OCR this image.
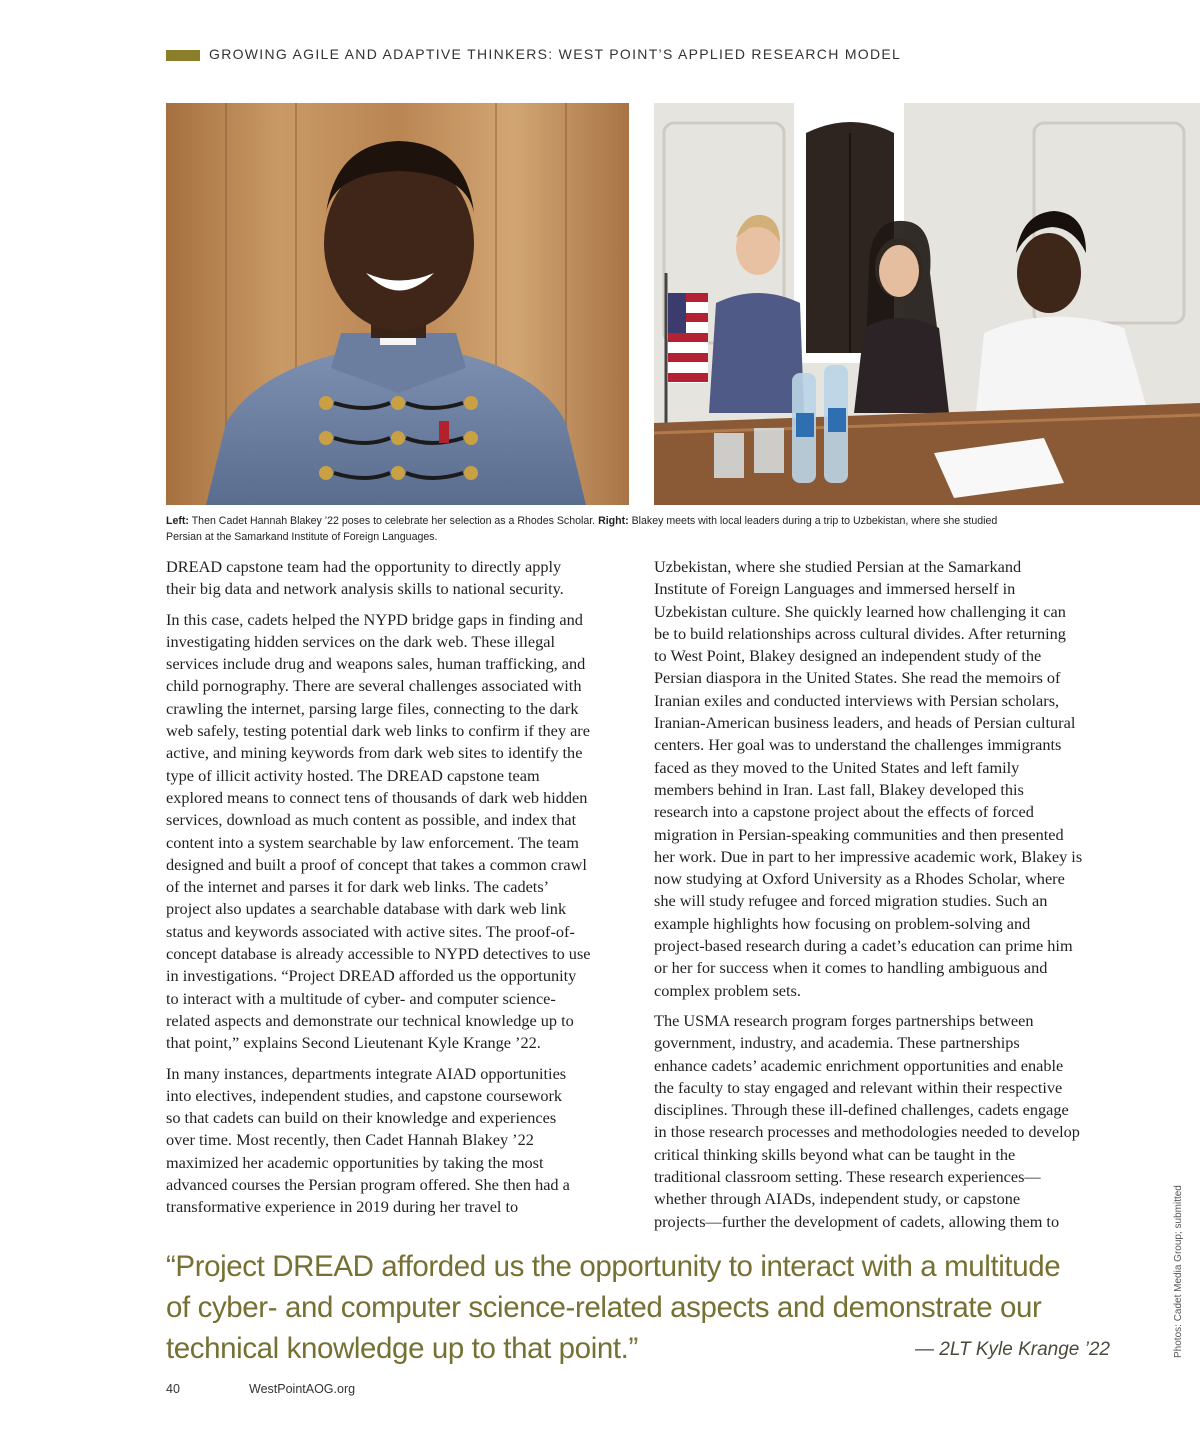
GROWING AGILE AND ADAPTIVE THINKERS: WEST POINT’S APPLIED RESEARCH MODEL
Left: Then Cadet Hannah Blakey ’22 poses to celebrate her selection as a Rhodes Scholar. Right: Blakey meets with local leaders during a trip to Uzbekistan, where she studied
Persian at the Samarkand Institute of Foreign Languages.

DREAD capstone team had the opportunity to directly apply
their big data and network analysis skills to national security.

In this case, cadets helped the NYPD bridge gaps in finding and
investigating hidden services on the dark web. These illegal
services include drug and weapons sales, human trafficking, and
child pornography. There are several challenges associated with
crawling the internet, parsing large files, connecting to the dark
web safely, testing potential dark web links to confirm if they are
active, and mining keywords from dark web sites to identify the
type of illicit activity hosted. The DREAD capstone team
explored means to connect tens of thousands of dark web hidden
services, download as much content as possible, and index that
content into a system searchable by law enforcement. The team
designed and built a proof of concept that takes a common crawl
of the internet and parses it for dark web links. The cadets’
project also updates a searchable database with dark web link
status and keywords associated with active sites. The proof-of-
concept database is already accessible to NYPD detectives to use
in investigations. “Project DREAD afforded us the opportunity
to interact with a multitude of cyber- and computer science-
related aspects and demonstrate our technical knowledge up to
that point,” explains Second Lieutenant Kyle Krange ’22.

In many instances, departments integrate AIAD opportunities
into electives, independent studies, and capstone coursework
so that cadets can build on their knowledge and experiences
over time. Most recently, then Cadet Hannah Blakey ’22
maximized her academic opportunities by taking the most
advanced courses the Persian program offered. She then had a
transformative experience in 2019 during her travel to

Uzbekistan, where she studied Persian at the Samarkand
Institute of Foreign Languages and immersed herself in
Uzbekistan culture. She quickly learned how challenging it can
be to build relationships across cultural divides. After returning
to West Point, Blakey designed an independent study of the
Persian diaspora in the United States. She read the memoirs of
Iranian exiles and conducted interviews with Persian scholars,
Iranian-American business leaders, and heads of Persian cultural
centers. Her goal was to understand the challenges immigrants
faced as they moved to the United States and left family
members behind in Iran. Last fall, Blakey developed this
research into a capstone project about the effects of forced
migration in Persian-speaking communities and then presented
her work. Due in part to her impressive academic work, Blakey is
now studying at Oxford University as a Rhodes Scholar, where
she will study refugee and forced migration studies. Such an
example highlights how focusing on problem-solving and
project-based research during a cadet’s education can prime him
or her for success when it comes to handling ambiguous and
complex problem sets.

The USMA research program forges partnerships between
government, industry, and academia. These partnerships
enhance cadets’ academic enrichment opportunities and enable
the faculty to stay engaged and relevant within their respective
disciplines. Through these ill-defined challenges, cadets engage
in those research processes and methodologies needed to develop
critical thinking skills beyond what can be taught in the
traditional classroom setting. These research experiences—
whether through AIADs, independent study, or capstone
projects—further the development of cadets, allowing them to

“Project DREAD afforded us the opportunity to interact with a multitude
of cyber- and computer science-related aspects and demonstrate our
technical knowledge up to that point.”	— 2LT Kyle Krange ’22	Photos: Cadet Media Group; submitted
40	WestPointAOG.org
